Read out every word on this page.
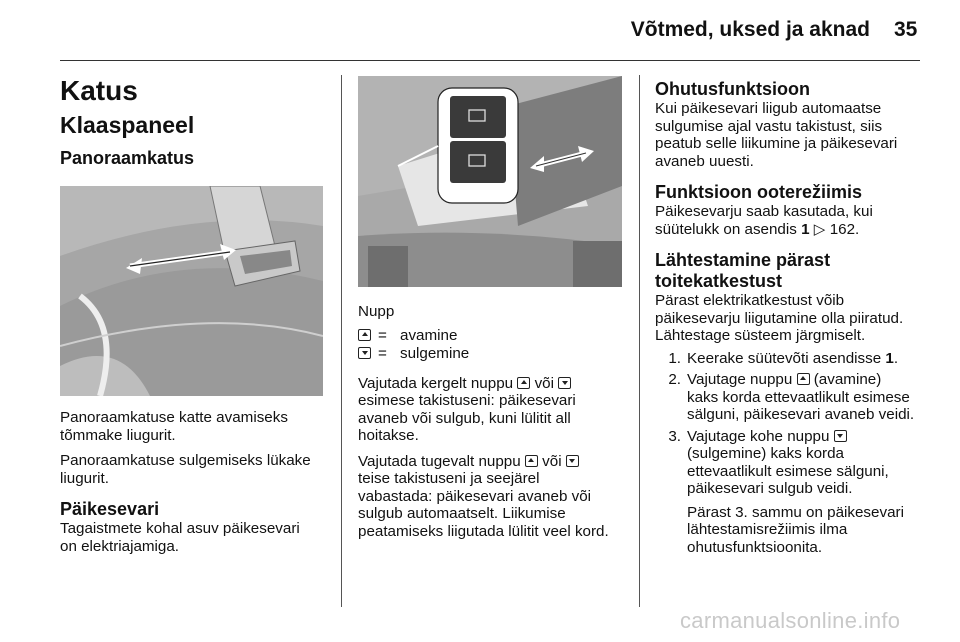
Võtmed, uksed ja aknad 35

Katus

Klaaspaneel

Panoraamkatus

Panoraamkatuse katte avamiseks

tõmmake liugurit.

Panoraamkatuse sulgemiseks lükake

liugurit.

Päikesevari

Tagaistmete kohal asuv päikesevari

on elektriajamiga.

Nupp

= avamine
= sulgemine

Vajutada kergelt nuppu või

esimese takistuseni: päikesevari

avaneb või sulgub, kuni lülitit all

hoitakse.

Vajutada tugevalt nuppu või

teise takistuseni ja seejärel

vabastada: päikesevari avaneb või

sulgub automaatselt. Liikumise

peatamiseks liigutada lülitit veel kord.

Ohutusfunktsioon

Kui päikesevari liigub automaatse

sulgumise ajal vastu takistust, siis

peatub selle liikumine ja päikesevari

avaneb uuesti.

Funktsioon ooterežiimis

Päikesevarju saab kasutada, kui

süütelukk on asendis 1 ▷ 162.

Lähtestamine pärast

toitekatkestust

Pärast elektrikatkestust võib

päikesevarju liigutamine olla piiratud.

Lähtestage süsteem järgmiselt.

1. Keerake süütevõti asendisse 1.
2. Vajutage nuppu (avamine)
kaks korda ettevaatlikult esimese
sälguni, päikesevari avaneb veidi.
3. Vajutage kohe nuppu
(sulgemine) kaks korda
ettevaatlikult esimese sälguni,
päikesevari sulgub veidi.
Pärast 3. sammu on päikesevari
lähtestamisrežiimis ilma
ohutusfunktsioonita.
carmanualsonline.info
